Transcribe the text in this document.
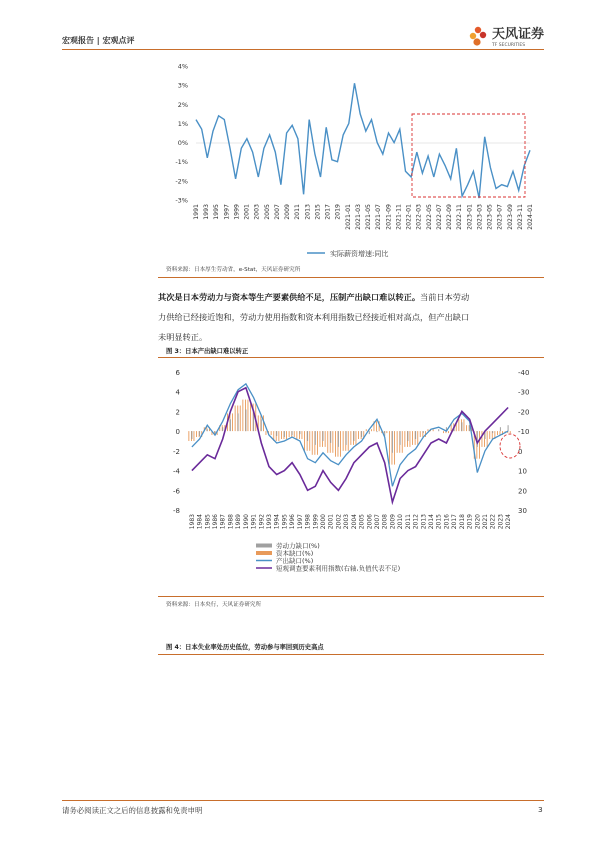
宏观报告 | 宏观点评	天风证券
TF SECURITIES
4%
3%
2%
1%
0%
-1%
-2%
-3%
1991 1993 1995 1997 1999 2001 2003 2005 2007 2009 2011 2013 2015 2017 2019 2021-01 2021-03 2021-05 2021-07 2021-09 2021-11 2022-01 2022-03 2022-05 2022-07 2022-09 2022-11 2023-01 2023-03 2023-05 2023-07 2023-09 2023-11 2024-01
实际薪资增速:同比
资料来源：日本厚生劳动省，e-Stat，天风证券研究所
其次是日本劳动力与资本等生产要素供给不足，压制产出缺口难以转正。当前日本劳动
力供给已经接近饱和，劳动力使用指数和资本利用指数已经接近相对高点，但产出缺口
未明显转正。
图 3：日本产出缺口难以转正
6
4
2
0
-2
-4
-6
-8
-40
-30
-20
-10
0
10
20
30
1983 1984 1985 1986 1987 1988 1989 1990 1991 1992 1993 1994 1995 1996 1997 1998 1999 2000 2001 2002 2003 2004 2005 2006 2007 2008 2009 2010 2011 2012 2013 2014 2015 2016 2017 2018 2019 2020 2021 2022 2023 2024
劳动力缺口(%)
资本缺口(%)
产出缺口(%)
短观调查要素利用指数(右轴,负值代表不足)
资料来源：日本央行，天风证券研究所
图 4：日本失业率处历史低位，劳动参与率回到历史高点
请务必阅读正文之后的信息披露和免责申明	3
